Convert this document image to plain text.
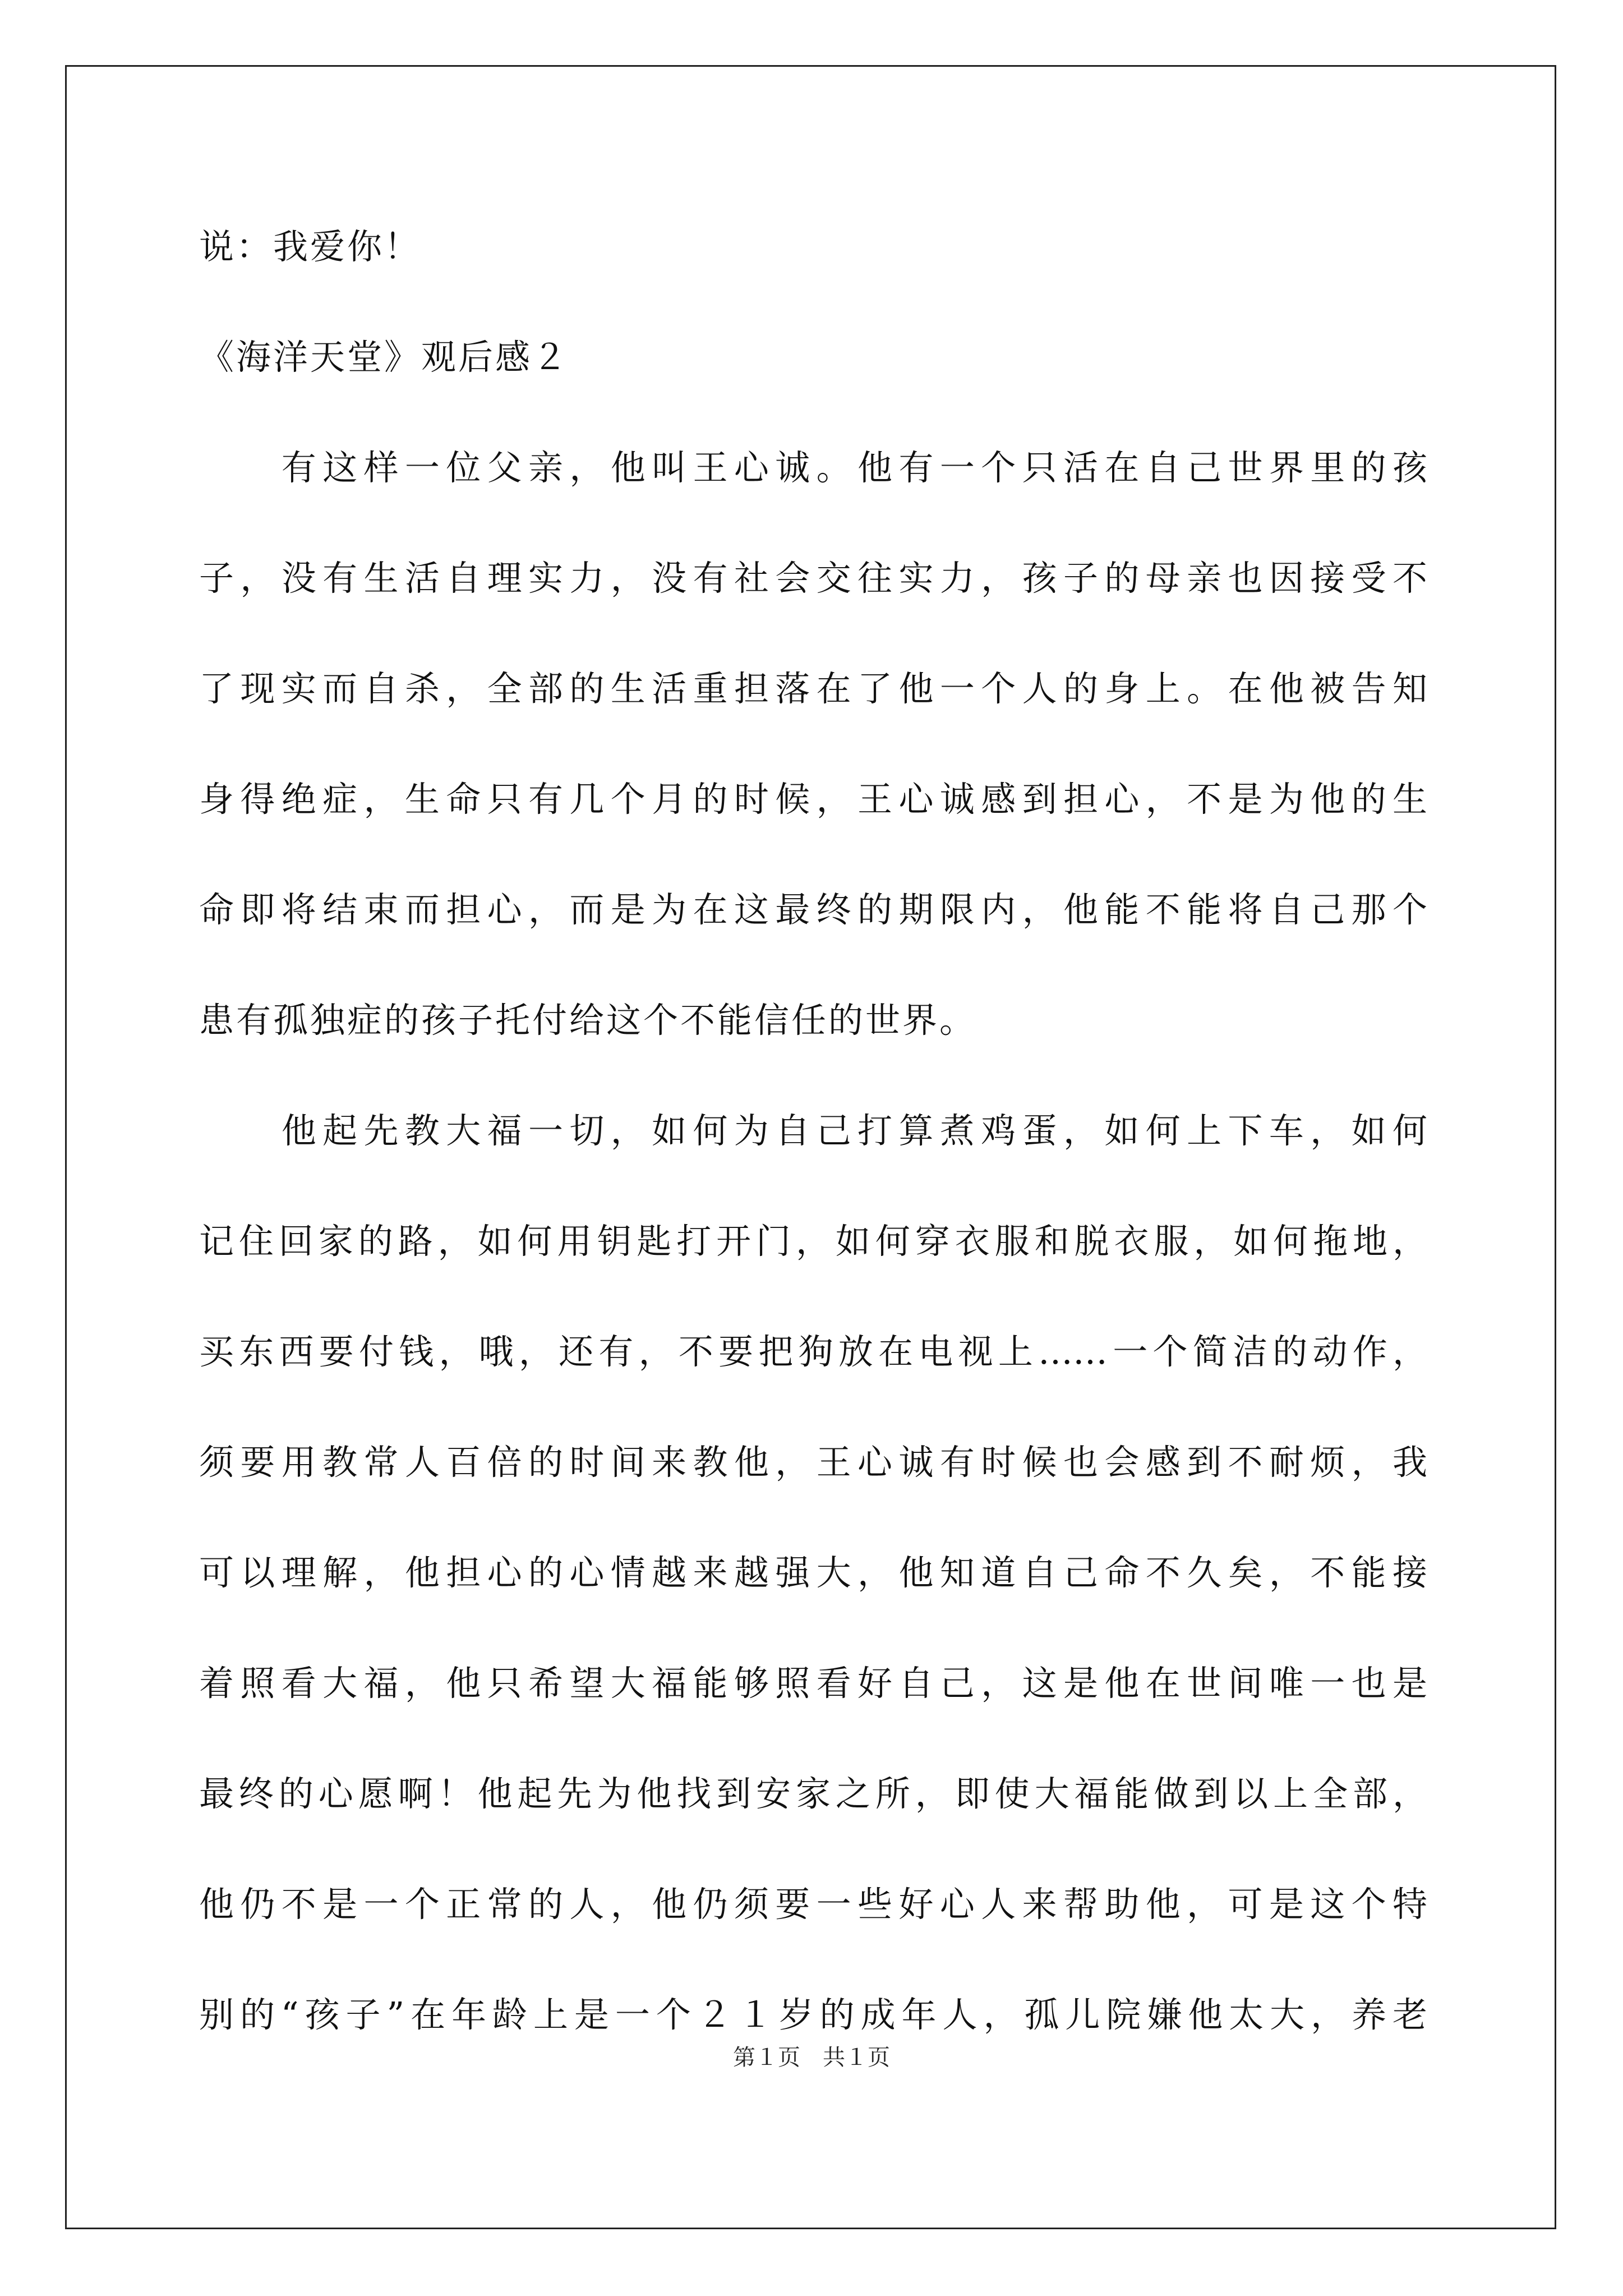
说：我爱你！
《海洋天堂》观后感２
　　有这样一位父亲，他叫王心诚。他有一个只活在自己世界里的孩
子，没有生活自理实力，没有社会交往实力，孩子的母亲也因接受不
了现实而自杀，全部的生活重担落在了他一个人的身上。在他被告知
身得绝症，生命只有几个月的时候，王心诚感到担心，不是为他的生
命即将结束而担心，而是为在这最终的期限内，他能不能将自己那个
患有孤独症的孩子托付给这个不能信任的世界。
　　他起先教大福一切，如何为自己打算煮鸡蛋，如何上下车，如何
记住回家的路，如何用钥匙打开门，如何穿衣服和脱衣服，如何拖地，
买东西要付钱，哦，还有，不要把狗放在电视上……一个简洁的动作，
须要用教常人百倍的时间来教他，王心诚有时候也会感到不耐烦，我
可以理解，他担心的心情越来越强大，他知道自己命不久矣，不能接
着照看大福，他只希望大福能够照看好自己，这是他在世间唯一也是
最终的心愿啊！他起先为他找到安家之所，即使大福能做到以上全部，
他仍不是一个正常的人，他仍须要一些好心人来帮助他，可是这个特
别的“孩子”在年龄上是一个２１岁的成年人，孤儿院嫌他太大，养老
第１页　共１页
